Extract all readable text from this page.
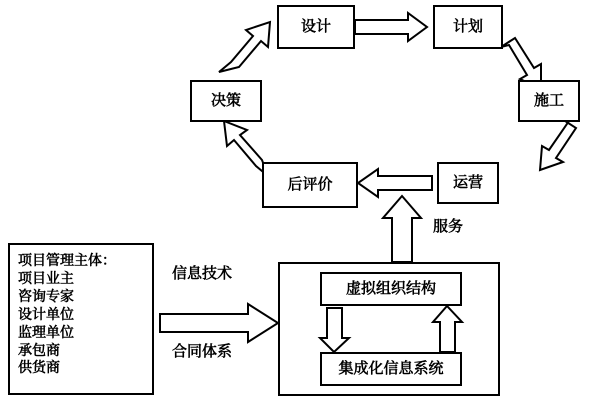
设计	计划
施工
运营
后评价
决策
项目管理主体：
项目业主
咨询专家
设计单位
监理单位
承包商
供货商
虚拟组织结构
集成化信息系统
信息技术
合同体系
服务
